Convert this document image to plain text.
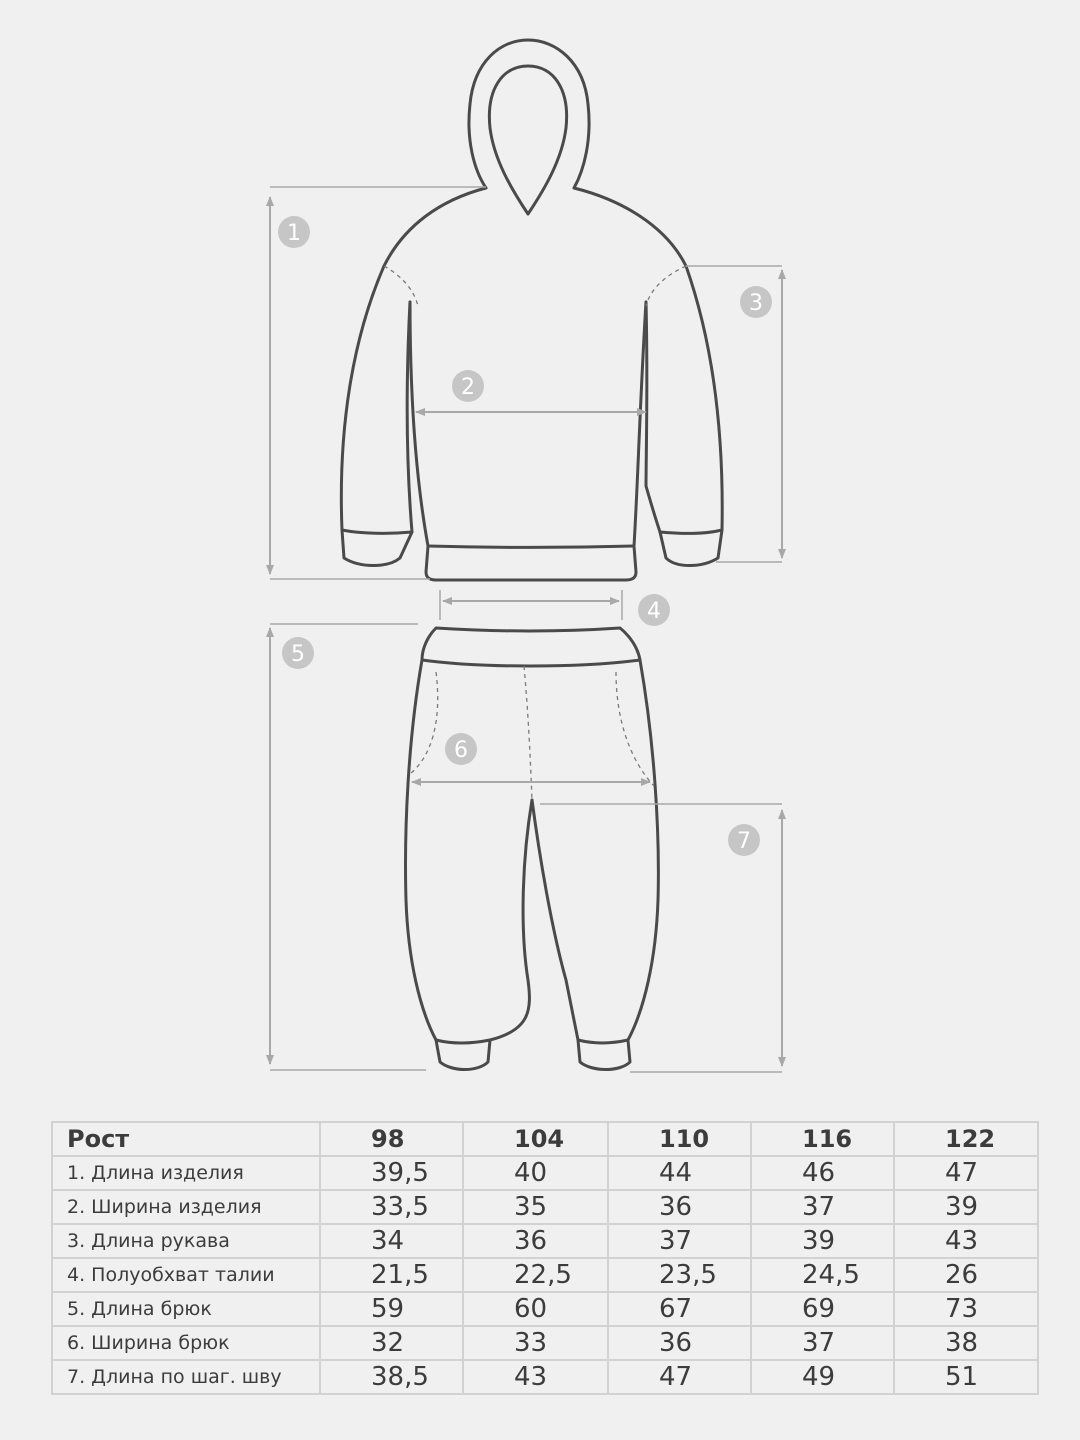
1
2
3
4
5
6
7
Рост	98	104	110	116	122
1. Длина изделия	39,5	40	44	46	47
2. Ширина изделия	33,5	35	36	37	39
3. Длина рукава	34	36	37	39	43
4. Полуобхват талии	21,5	22,5	23,5	24,5	26
5. Длина брюк	59	60	67	69	73
6. Ширина брюк	32	33	36	37	38
7. Длина по шаг. шву	38,5	43	47	49	51
